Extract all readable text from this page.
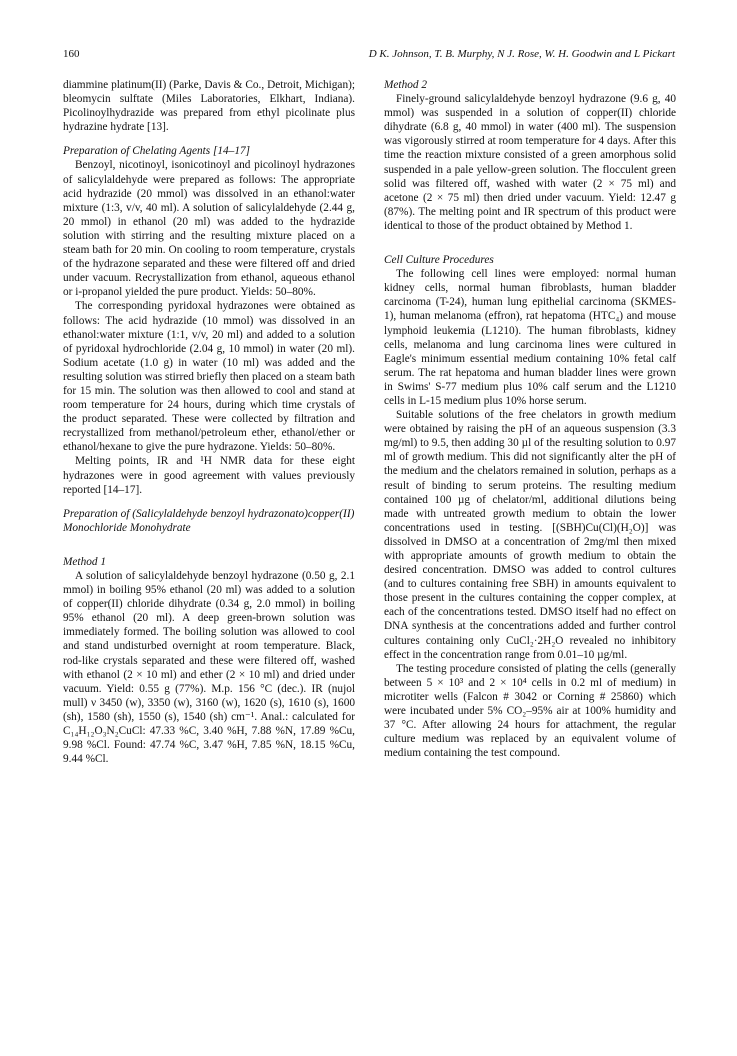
160	D K. Johnson, T. B. Murphy, N J. Rose, W. H. Goodwin and L Pickart

diammine platinum(II) (Parke, Davis & Co., Detroit, Michigan); bleomycin sulftate (Miles Laboratories, Elkhart, Indiana). Picolinoylhydrazide was prepared from ethyl picolinate plus hydrazine hydrate [13].

Preparation of Chelating Agents [14–17]

Benzoyl, nicotinoyl, isonicotinoyl and picolinoyl hydrazones of salicylaldehyde were prepared as follows: The appropriate acid hydrazide (20 mmol) was dissolved in an ethanol:water mixture (1:3, v/v, 40 ml). A solution of salicylaldehyde (2.44 g, 20 mmol) in ethanol (20 ml) was added to the hydrazide solution with stirring and the resulting mixture placed on a steam bath for 20 min. On cooling to room temperature, crystals of the hydrazone separated and these were filtered off and dried under vacuum. Recrystallization from ethanol, aqueous ethanol or i-propanol yielded the pure product. Yields: 50–80%.

The corresponding pyridoxal hydrazones were obtained as follows: The acid hydrazide (10 mmol) was dissolved in an ethanol:water mixture (1:1, v/v, 20 ml) and added to a solution of pyridoxal hydrochloride (2.04 g, 10 mmol) in water (20 ml). Sodium acetate (1.0 g) in water (10 ml) was added and the resulting solution was stirred briefly then placed on a steam bath for 15 min. The solution was then allowed to cool and stand at room temperature for 24 hours, during which time crystals of the product separated. These were collected by filtration and recrystallized from methanol/petroleum ether, ethanol/ether or ethanol/hexane to give the pure hydrazone. Yields: 50–80%.

Melting points, IR and ¹H NMR data for these eight hydrazones were in good agreement with values previously reported [14–17].

Preparation of (Salicylaldehyde benzoyl hydrazonato)copper(II) Monochloride Monohydrate

Method 1

A solution of salicylaldehyde benzoyl hydrazone (0.50 g, 2.1 mmol) in boiling 95% ethanol (20 ml) was added to a solution of copper(II) chloride dihydrate (0.34 g, 2.0 mmol) in boiling 95% ethanol (20 ml). A deep green-brown solution was immediately formed. The boiling solution was allowed to cool and stand undisturbed overnight at room temperature. Black, rod-like crystals separated and these were filtered off, washed with ethanol (2 × 10 ml) and ether (2 × 10 ml) and dried under vacuum. Yield: 0.55 g (77%). M.p. 156 °C (dec.). IR (nujol mull) ν 3450 (w), 3350 (w), 3160 (w), 1620 (s), 1610 (s), 1600 (sh), 1580 (sh), 1550 (s), 1540 (sh) cm⁻¹. Anal.: calculated for C₁₄H₁₂O₃N₂CuCl: 47.33 %C, 3.40 %H, 7.88 %N, 17.89 %Cu, 9.98 %Cl. Found: 47.74 %C, 3.47 %H, 7.85 %N, 18.15 %Cu, 9.44 %Cl.

Method 2

Finely-ground salicylaldehyde benzoyl hydrazone (9.6 g, 40 mmol) was suspended in a solution of copper(II) chloride dihydrate (6.8 g, 40 mmol) in water (400 ml). The suspension was vigorously stirred at room temperature for 4 days. After this time the reaction mixture consisted of a green amorphous solid suspended in a pale yellow-green solution. The flocculent green solid was filtered off, washed with water (2 × 75 ml) and acetone (2 × 75 ml) then dried under vacuum. Yield: 12.47 g (87%). The melting point and IR spectrum of this product were identical to those of the product obtained by Method 1.

Cell Culture Procedures

The following cell lines were employed: normal human kidney cells, normal human fibroblasts, human bladder carcinoma (T-24), human lung epithelial carcinoma (SKMES-1), human melanoma (effron), rat hepatoma (HTC₄) and mouse lymphoid leukemia (L1210). The human fibroblasts, kidney cells, melanoma and lung carcinoma lines were cultured in Eagle's minimum essential medium containing 10% fetal calf serum. The rat hepatoma and human bladder lines were grown in Swims' S-77 medium plus 10% calf serum and the L1210 cells in L-15 medium plus 10% horse serum.

Suitable solutions of the free chelators in growth medium were obtained by raising the pH of an aqueous suspension (3.3 mg/ml) to 9.5, then adding 30 µl of the resulting solution to 0.97 ml of growth medium. This did not significantly alter the pH of the medium and the chelators remained in solution, perhaps as a result of binding to serum proteins. The resulting medium contained 100 µg of chelator/ml, additional dilutions being made with untreated growth medium to obtain the lower concentrations used in testing. [(SBH)Cu(Cl)(H₂O)] was dissolved in DMSO at a concentration of 2mg/ml then mixed with appropriate amounts of growth medium to obtain the desired concentration. DMSO was added to control cultures (and to cultures containing free SBH) in amounts equivalent to those present in the cultures containing the copper complex, at each of the concentrations tested. DMSO itself had no effect on DNA synthesis at the concentrations added and further control cultures containing only CuCl₂·2H₂O revealed no inhibitory effect in the concentration range from 0.01–10 µg/ml.

The testing procedure consisted of plating the cells (generally between 5 × 10³ and 2 × 10⁴ cells in 0.2 ml of medium) in microtiter wells (Falcon # 3042 or Corning # 25860) which were incubated under 5% CO₂–95% air at 100% humidity and 37 °C. After allowing 24 hours for attachment, the regular culture medium was replaced by an equivalent volume of medium containing the test compound.
